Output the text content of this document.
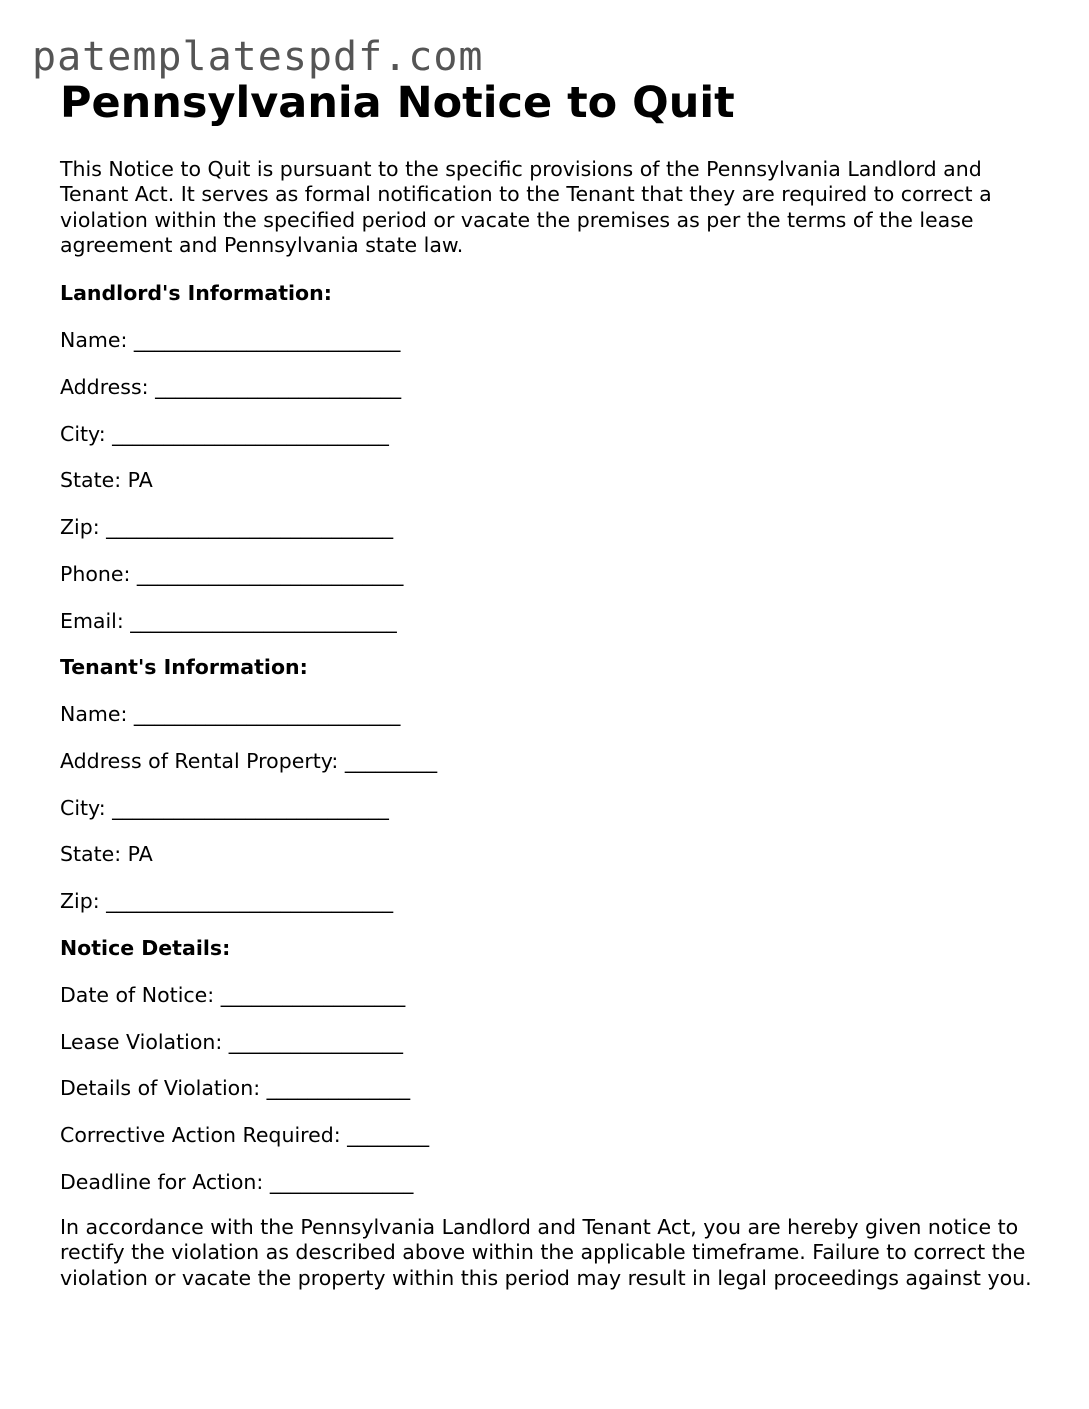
patemplatespdf.com
Pennsylvania Notice to Quit

This Notice to Quit is pursuant to the specific provisions of the Pennsylvania Landlord and Tenant Act. It serves as formal notification to the Tenant that they are required to correct a violation within the specified period or vacate the premises as per the terms of the lease agreement and Pennsylvania state law.

Landlord's Information:
Name: __________________________
Address: ________________________
City: ___________________________
State: PA
Zip: ____________________________
Phone: __________________________
Email: __________________________
Tenant's Information:
Name: __________________________
Address of Rental Property: _________
City: ___________________________
State: PA
Zip: ____________________________
Notice Details:
Date of Notice: __________________
Lease Violation: _________________
Details of Violation: ______________
Corrective Action Required: ________
Deadline for Action: ______________

In accordance with the Pennsylvania Landlord and Tenant Act, you are hereby given notice to rectify the violation as described above within the applicable timeframe. Failure to correct the violation or vacate the property within this period may result in legal proceedings against you.
